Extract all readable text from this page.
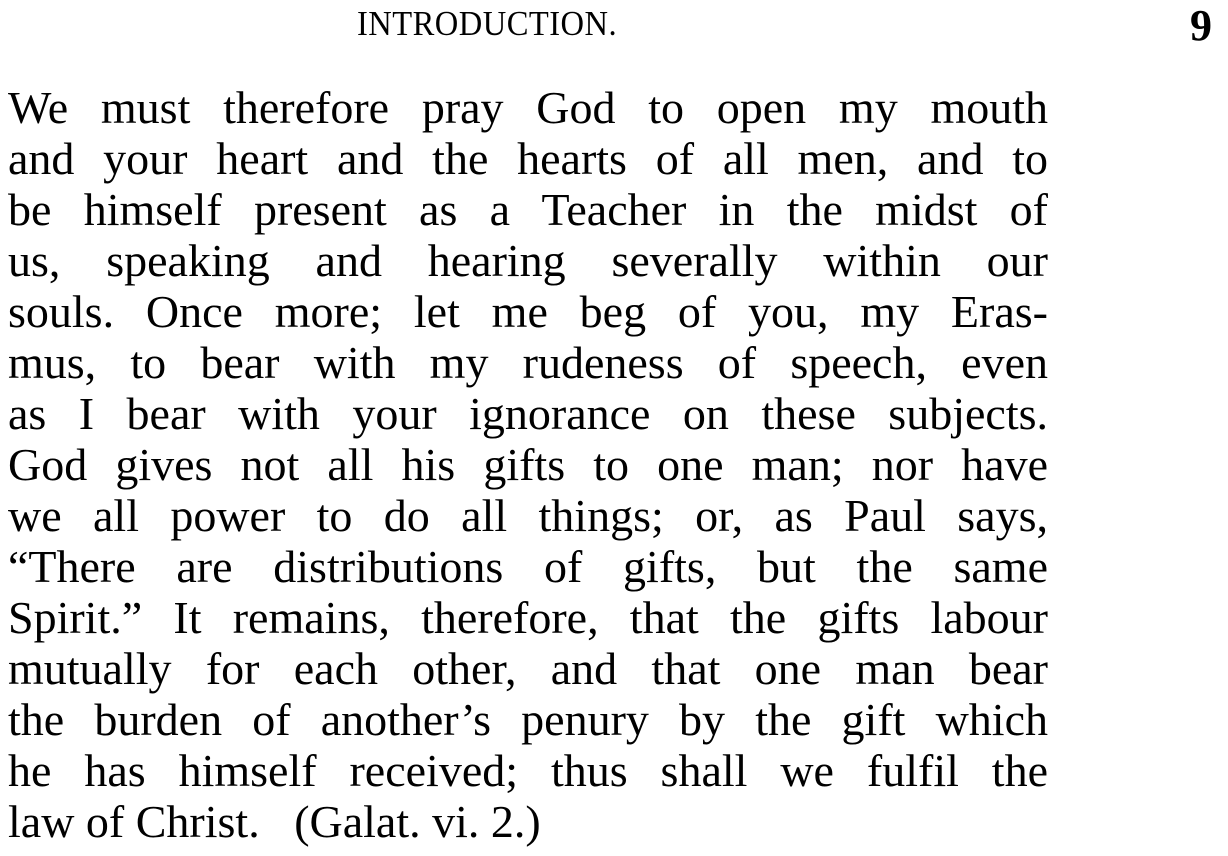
INTRODUCTION.	9
We must therefore pray God to open my mouth
and your heart and the hearts of all men, and to
be himself present as a Teacher in the midst of
us, speaking and hearing severally within our
souls. Once more; let me beg of you, my Eras-
mus, to bear with my rudeness of speech, even
as I bear with your ignorance on these subjects.
God gives not all his gifts to one man; nor have
we all power to do all things; or, as Paul says,
“There are distributions of gifts, but the same
Spirit.” It remains, therefore, that the gifts labour
mutually for each other, and that one man bear
the burden of another’s penury by the gift which
he has himself received; thus shall we fulfil the
law of Christ.   (Galat. vi. 2.)
